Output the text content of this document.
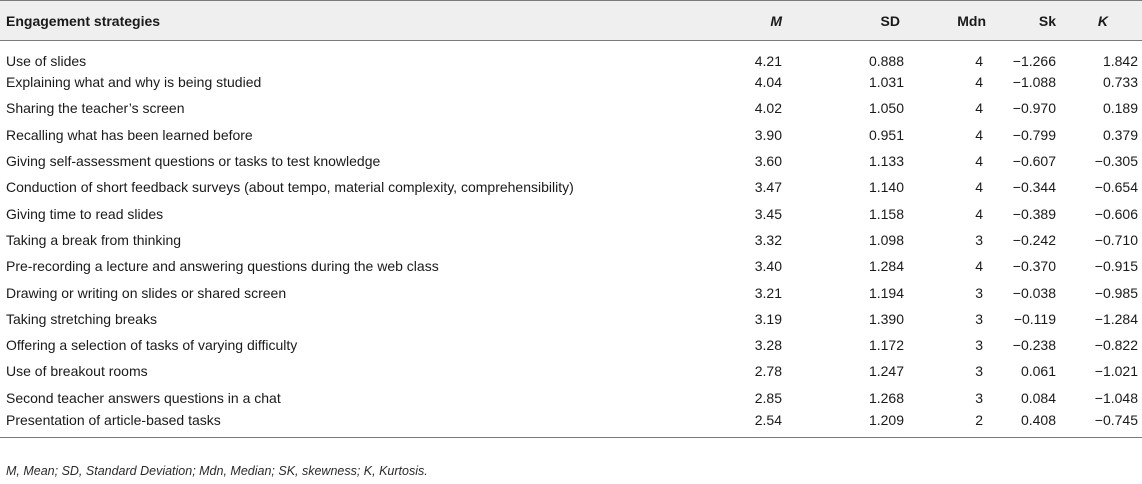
Engagement strategies	M	SD	Mdn	Sk	K
Use of slides	4.21	0.888	4	−1.266	1.842
Explaining what and why is being studied	4.04	1.031	4	−1.088	0.733
Sharing the teacher’s screen	4.02	1.050	4	−0.970	0.189
Recalling what has been learned before	3.90	0.951	4	−0.799	0.379
Giving self-assessment questions or tasks to test knowledge	3.60	1.133	4	−0.607	−0.305
Conduction of short feedback surveys (about tempo, material complexity, comprehensibility)	3.47	1.140	4	−0.344	−0.654
Giving time to read slides	3.45	1.158	4	−0.389	−0.606
Taking a break from thinking	3.32	1.098	3	−0.242	−0.710
Pre-recording a lecture and answering questions during the web class	3.40	1.284	4	−0.370	−0.915
Drawing or writing on slides or shared screen	3.21	1.194	3	−0.038	−0.985
Taking stretching breaks	3.19	1.390	3	−0.119	−1.284
Offering a selection of tasks of varying difficulty	3.28	1.172	3	−0.238	−0.822
Use of breakout rooms	2.78	1.247	3	0.061	−1.021
Second teacher answers questions in a chat	2.85	1.268	3	0.084	−1.048
Presentation of article-based tasks	2.54	1.209	2	0.408	−0.745
M, Mean; SD, Standard Deviation; Mdn, Median; SK, skewness; K, Kurtosis.
